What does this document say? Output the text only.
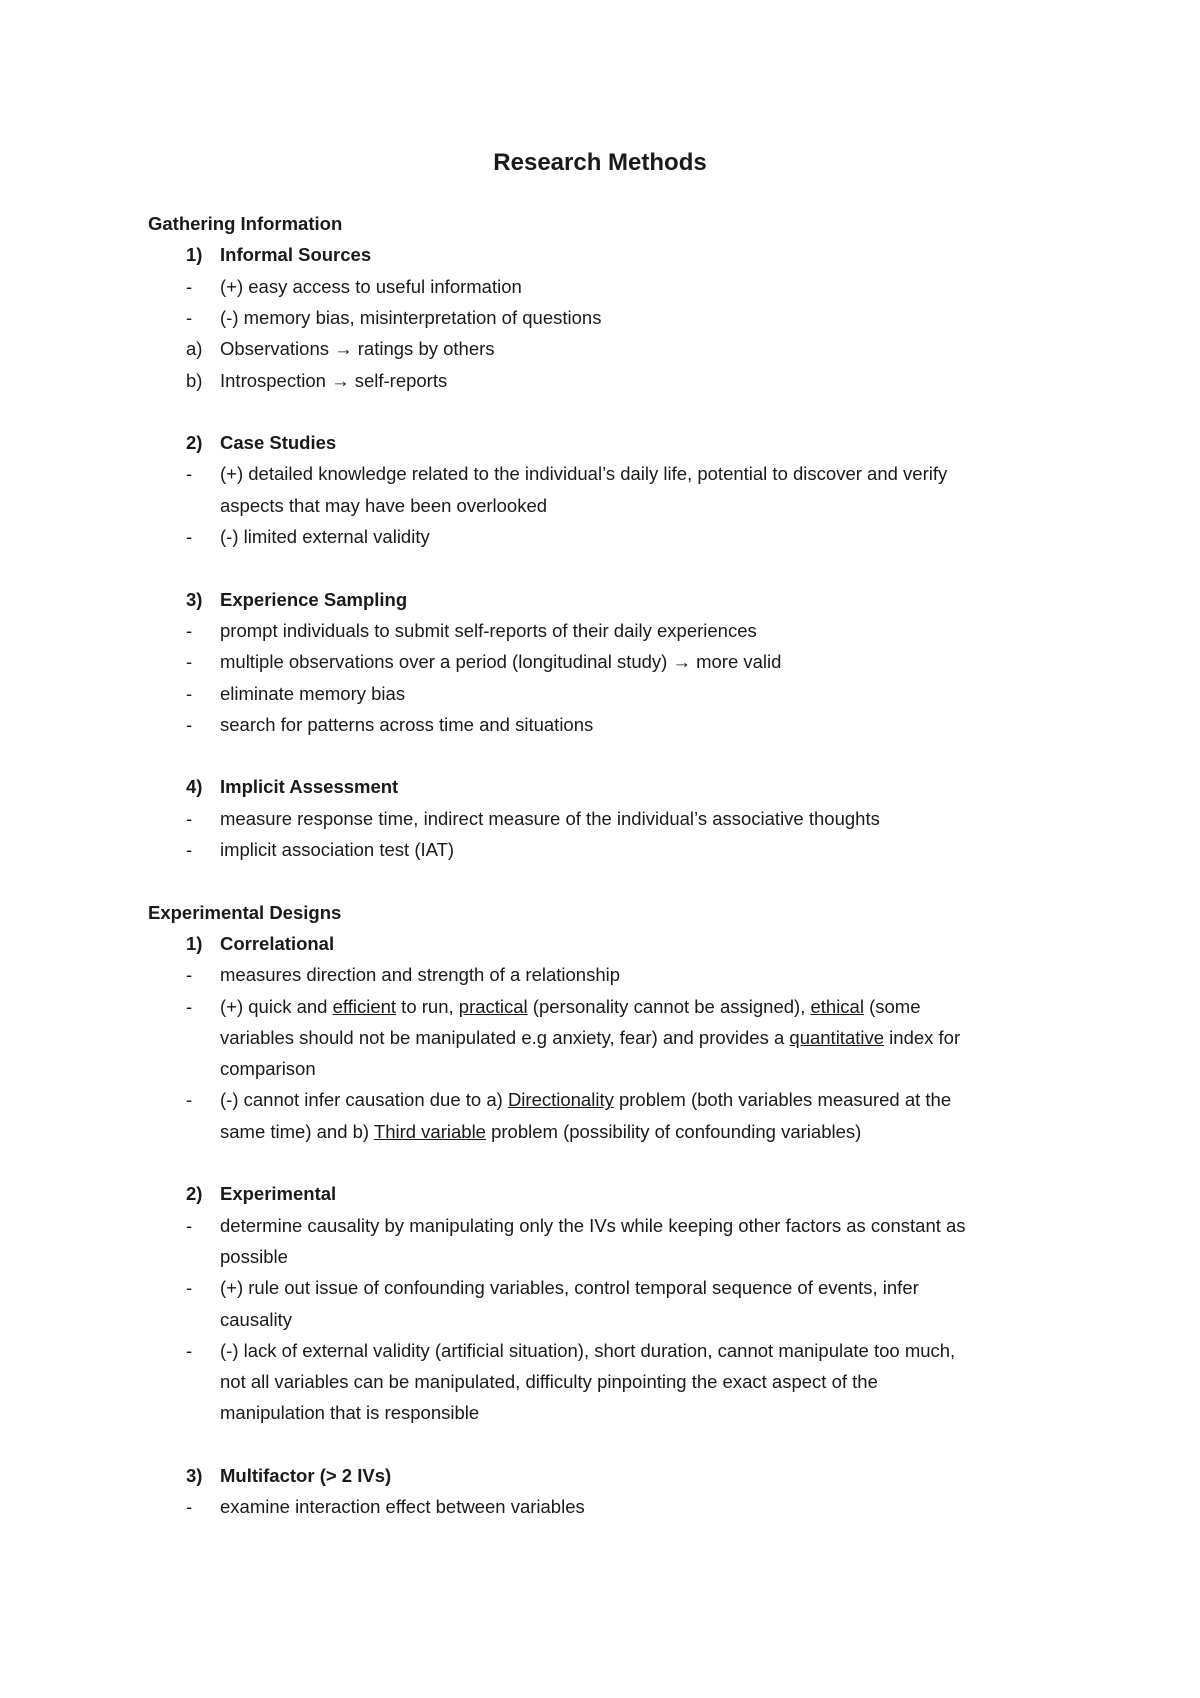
Research Methods
Gathering Information
1) Informal Sources
- (+) easy access to useful information
- (-) memory bias, misinterpretation of questions
a) Observations → ratings by others
b) Introspection → self-reports
2) Case Studies
- (+) detailed knowledge related to the individual’s daily life, potential to discover and verify
aspects that may have been overlooked
- (-) limited external validity
3) Experience Sampling
- prompt individuals to submit self-reports of their daily experiences
- multiple observations over a period (longitudinal study) → more valid
- eliminate memory bias
- search for patterns across time and situations
4) Implicit Assessment
- measure response time, indirect measure of the individual’s associative thoughts
- implicit association test (IAT)
Experimental Designs
1) Correlational
- measures direction and strength of a relationship
- (+) quick and efficient to run, practical (personality cannot be assigned), ethical (some
variables should not be manipulated e.g anxiety, fear) and provides a quantitative index for
comparison
- (-) cannot infer causation due to a) Directionality problem (both variables measured at the
same time) and b) Third variable problem (possibility of confounding variables)
2) Experimental
- determine causality by manipulating only the IVs while keeping other factors as constant as
possible
- (+) rule out issue of confounding variables, control temporal sequence of events, infer
causality
- (-) lack of external validity (artificial situation), short duration, cannot manipulate too much,
not all variables can be manipulated, difficulty pinpointing the exact aspect of the
manipulation that is responsible
3) Multifactor (> 2 IVs)
- examine interaction effect between variables
